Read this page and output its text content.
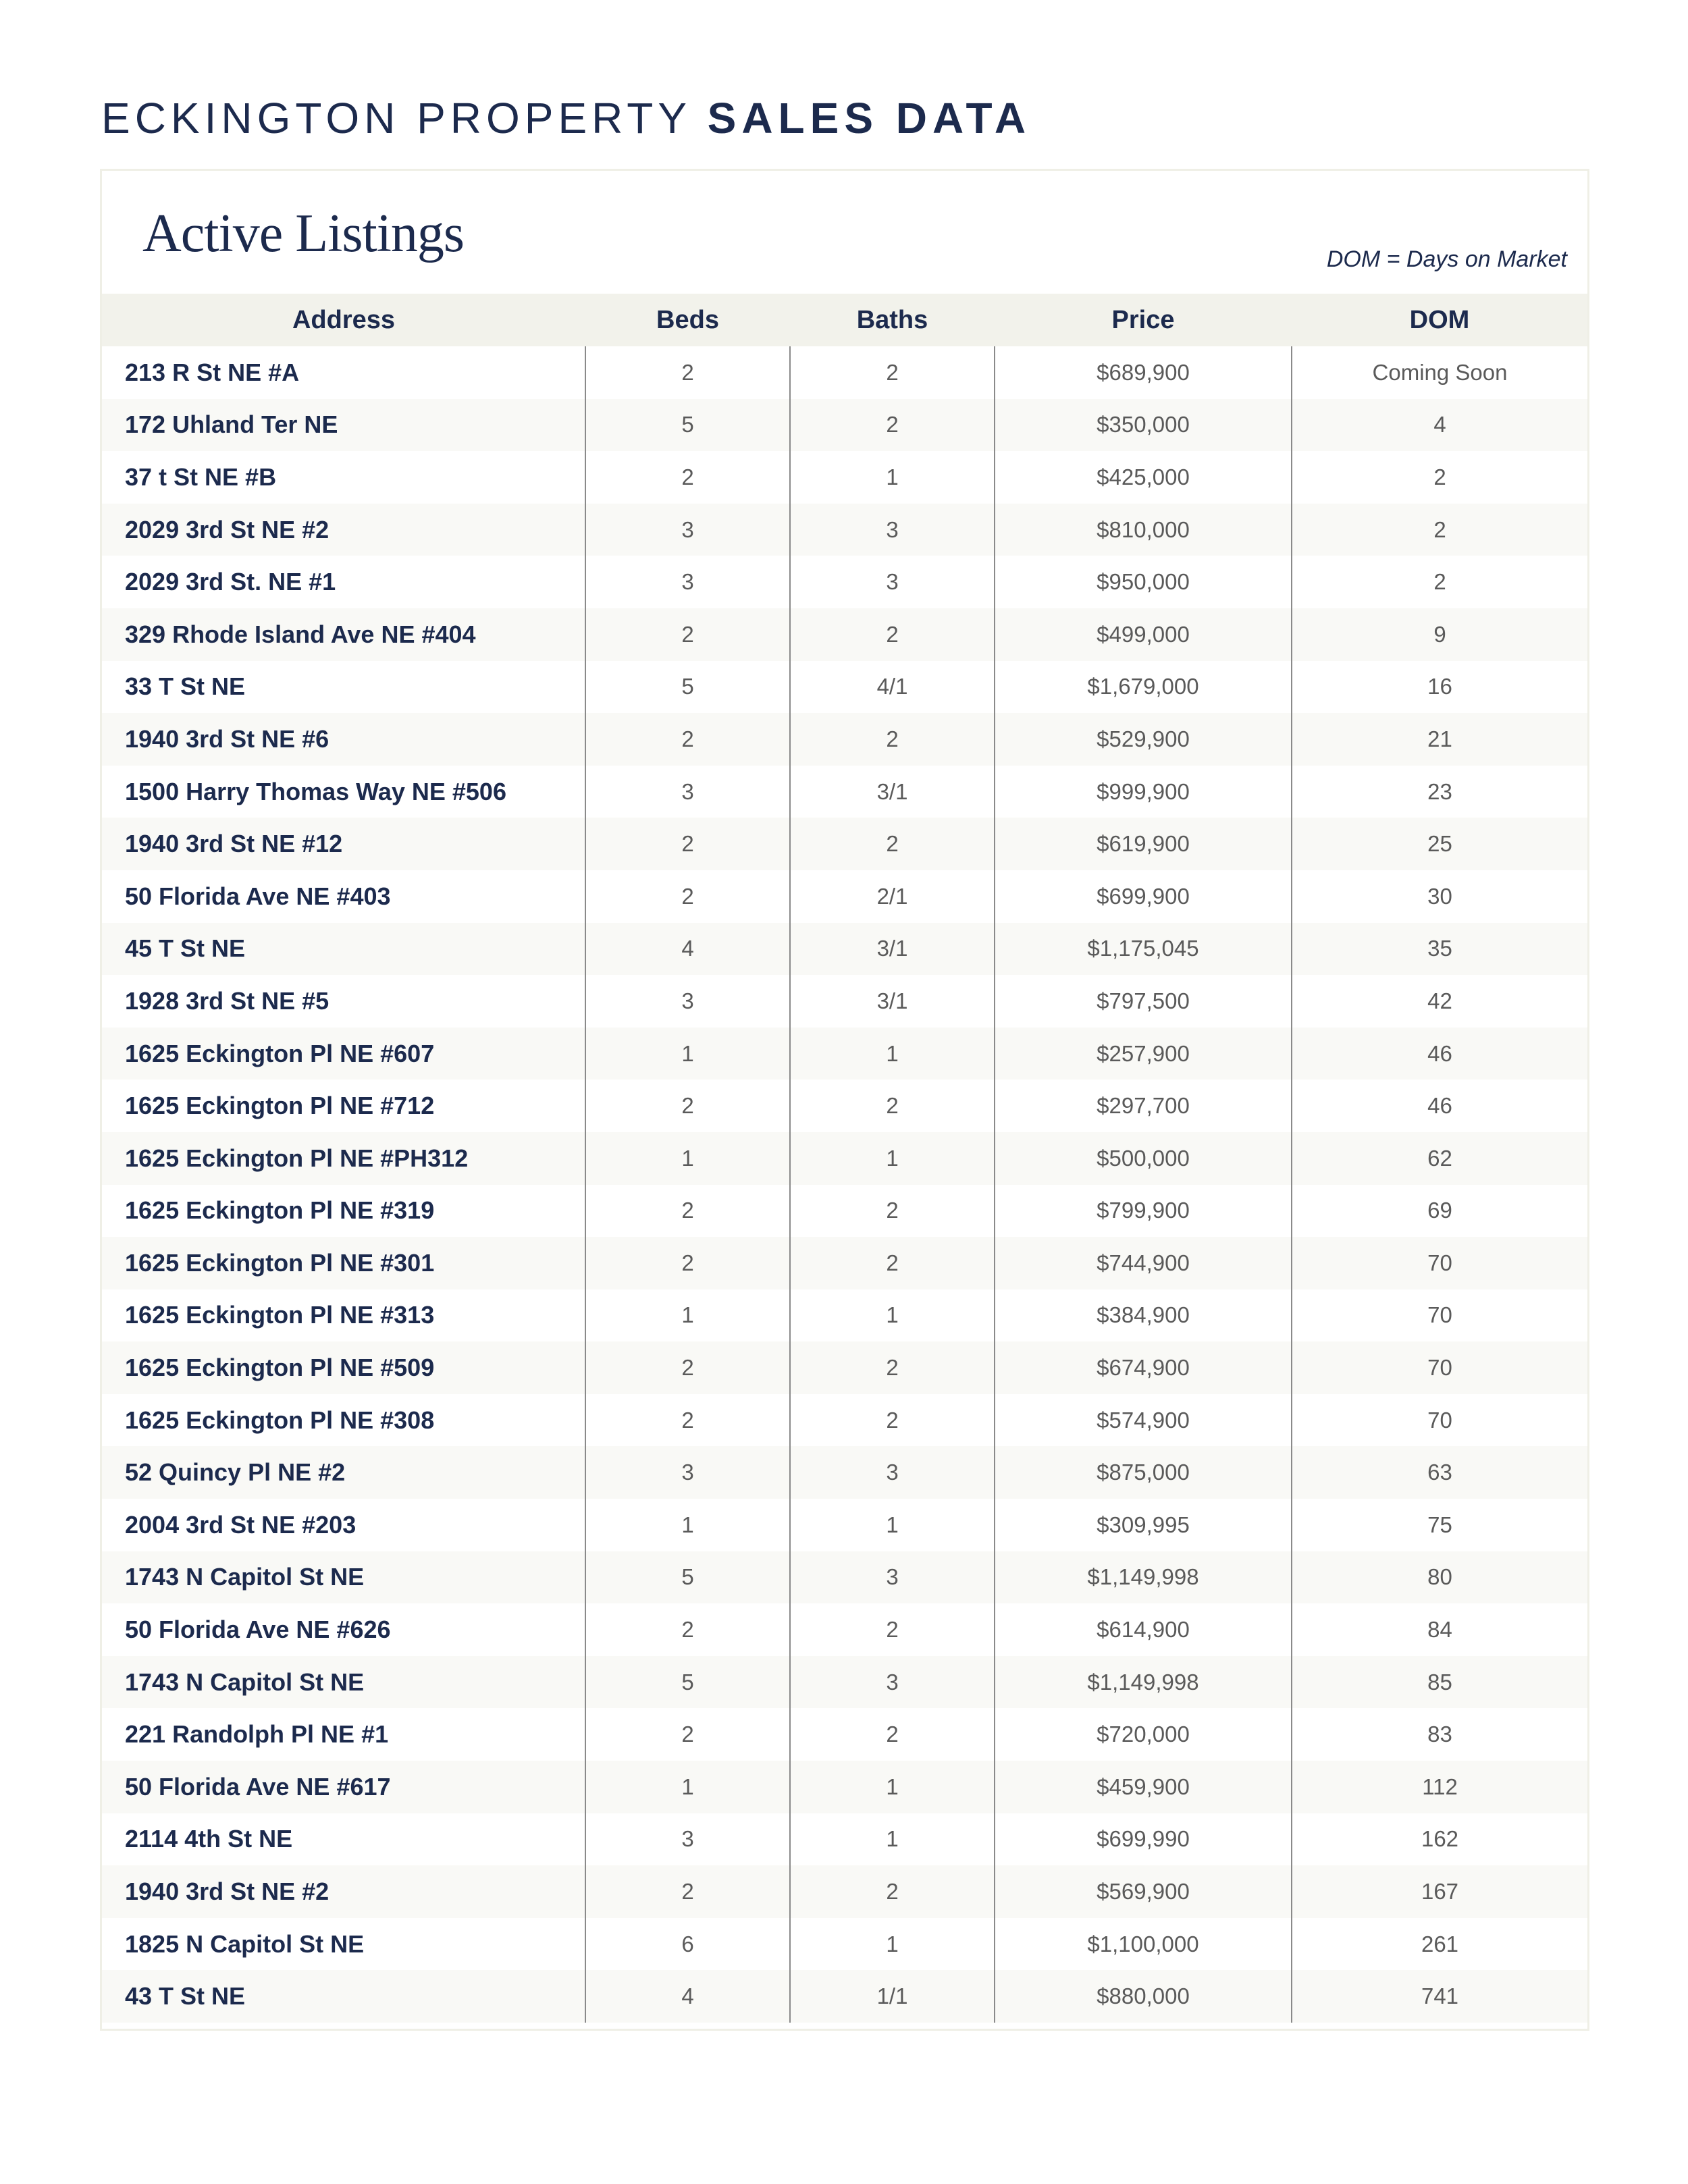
ECKINGTON PROPERTY SALES DATA
Active Listings	DOM = Days on Market
Address	Beds	Baths	Price	DOM
213 R St NE #A	2	2	$689,900	Coming Soon
172 Uhland Ter NE	5	2	$350,000	4
37 t St NE #B	2	1	$425,000	2
2029 3rd St NE #2	3	3	$810,000	2
2029 3rd St. NE #1	3	3	$950,000	2
329 Rhode Island Ave NE #404	2	2	$499,000	9
33 T St NE	5	4/1	$1,679,000	16
1940 3rd St NE #6	2	2	$529,900	21
1500 Harry Thomas Way NE #506	3	3/1	$999,900	23
1940 3rd St NE #12	2	2	$619,900	25
50 Florida Ave NE #403	2	2/1	$699,900	30
45 T St NE	4	3/1	$1,175,045	35
1928 3rd St NE #5	3	3/1	$797,500	42
1625 Eckington Pl NE #607	1	1	$257,900	46
1625 Eckington Pl NE #712	2	2	$297,700	46
1625 Eckington Pl NE #PH312	1	1	$500,000	62
1625 Eckington Pl NE #319	2	2	$799,900	69
1625 Eckington Pl NE #301	2	2	$744,900	70
1625 Eckington Pl NE #313	1	1	$384,900	70
1625 Eckington Pl NE #509	2	2	$674,900	70
1625 Eckington Pl NE #308	2	2	$574,900	70
52 Quincy Pl NE #2	3	3	$875,000	63
2004 3rd St NE #203	1	1	$309,995	75
1743 N Capitol St NE	5	3	$1,149,998	80
50 Florida Ave NE #626	2	2	$614,900	84
1743 N Capitol St NE	5	3	$1,149,998	85
221 Randolph Pl NE #1	2	2	$720,000	83
50 Florida Ave NE #617	1	1	$459,900	112
2114 4th St NE	3	1	$699,990	162
1940 3rd St NE #2	2	2	$569,900	167
1825 N Capitol St NE	6	1	$1,100,000	261
43 T St NE	4	1/1	$880,000	741
